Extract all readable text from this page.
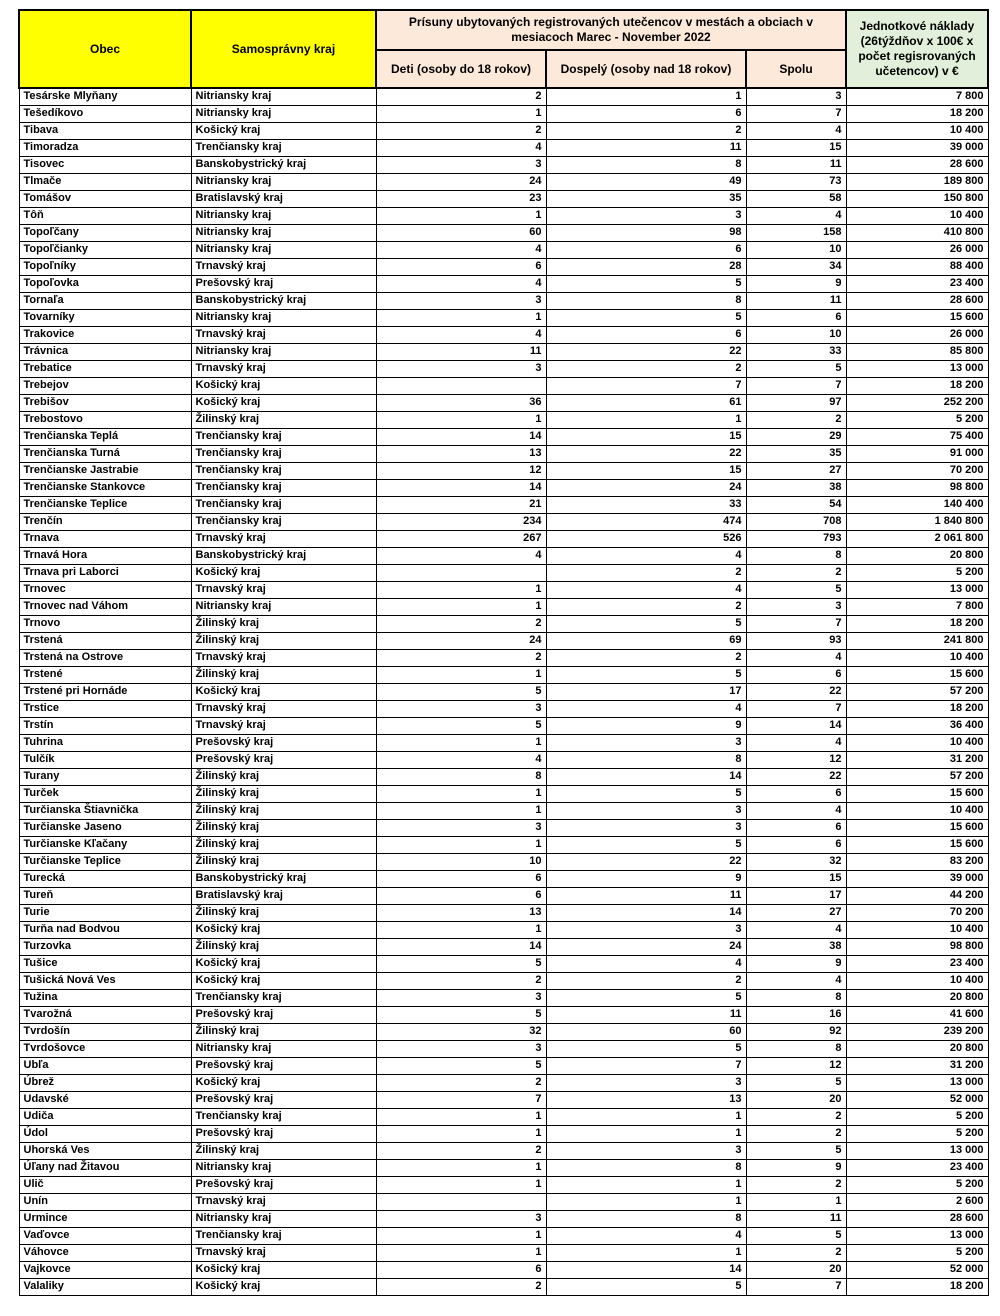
Obec	Samosprávny kraj	Prísuny ubytovaných registrovaných utečencov v mestách a obciach v mesiacoch Marec - November 2022			Jednotkové náklady (26týždňov x 100€ x počet regisrovaných učetencov) v €
		Deti (osoby do 18 rokov)	Dospelý (osoby nad 18 rokov)	Spolu	
Tesárske Mlyňany	Nitriansky kraj	2	1	3	7 800
Tešedíkovo	Nitriansky kraj	1	6	7	18 200
Tibava	Košický kraj	2	2	4	10 400
Timoradza	Trenčiansky kraj	4	11	15	39 000
Tisovec	Banskobystrický kraj	3	8	11	28 600
Tlmače	Nitriansky kraj	24	49	73	189 800
Tomášov	Bratislavský kraj	23	35	58	150 800
Tôň	Nitriansky kraj	1	3	4	10 400
Topoľčany	Nitriansky kraj	60	98	158	410 800
Topoľčianky	Nitriansky kraj	4	6	10	26 000
Topoľníky	Trnavský kraj	6	28	34	88 400
Topoľovka	Prešovský kraj	4	5	9	23 400
Tornaľa	Banskobystrický kraj	3	8	11	28 600
Tovarníky	Nitriansky kraj	1	5	6	15 600
Trakovice	Trnavský kraj	4	6	10	26 000
Trávnica	Nitriansky kraj	11	22	33	85 800
Trebatice	Trnavský kraj	3	2	5	13 000
Trebejov	Košický kraj		7	7	18 200
Trebišov	Košický kraj	36	61	97	252 200
Trebostovo	Žilinský kraj	1	1	2	5 200
Trenčianska Teplá	Trenčiansky kraj	14	15	29	75 400
Trenčianska Turná	Trenčiansky kraj	13	22	35	91 000
Trenčianske Jastrabie	Trenčiansky kraj	12	15	27	70 200
Trenčianske Stankovce	Trenčiansky kraj	14	24	38	98 800
Trenčianske Teplice	Trenčiansky kraj	21	33	54	140 400
Trenčín	Trenčiansky kraj	234	474	708	1 840 800
Trnava	Trnavský kraj	267	526	793	2 061 800
Trnavá Hora	Banskobystrický kraj	4	4	8	20 800
Trnava pri Laborci	Košický kraj		2	2	5 200
Trnovec	Trnavský kraj	1	4	5	13 000
Trnovec nad Váhom	Nitriansky kraj	1	2	3	7 800
Trnovo	Žilinský kraj	2	5	7	18 200
Trstená	Žilinský kraj	24	69	93	241 800
Trstená na Ostrove	Trnavský kraj	2	2	4	10 400
Trstené	Žilinský kraj	1	5	6	15 600
Trstené pri Hornáde	Košický kraj	5	17	22	57 200
Trstice	Trnavský kraj	3	4	7	18 200
Trstín	Trnavský kraj	5	9	14	36 400
Tuhrina	Prešovský kraj	1	3	4	10 400
Tulčík	Prešovský kraj	4	8	12	31 200
Turany	Žilinský kraj	8	14	22	57 200
Turček	Žilinský kraj	1	5	6	15 600
Turčianska Štiavnička	Žilinský kraj	1	3	4	10 400
Turčianske Jaseno	Žilinský kraj	3	3	6	15 600
Turčianske Kľačany	Žilinský kraj	1	5	6	15 600
Turčianske Teplice	Žilinský kraj	10	22	32	83 200
Turecká	Banskobystrický kraj	6	9	15	39 000
Tureň	Bratislavský kraj	6	11	17	44 200
Turie	Žilinský kraj	13	14	27	70 200
Turňa nad Bodvou	Košický kraj	1	3	4	10 400
Turzovka	Žilinský kraj	14	24	38	98 800
Tušice	Košický kraj	5	4	9	23 400
Tušická Nová Ves	Košický kraj	2	2	4	10 400
Tužina	Trenčiansky kraj	3	5	8	20 800
Tvarožná	Prešovský kraj	5	11	16	41 600
Tvrdošín	Žilinský kraj	32	60	92	239 200
Tvrdošovce	Nitriansky kraj	3	5	8	20 800
Ubľa	Prešovský kraj	5	7	12	31 200
Úbrež	Košický kraj	2	3	5	13 000
Udavské	Prešovský kraj	7	13	20	52 000
Udiča	Trenčiansky kraj	1	1	2	5 200
Údol	Prešovský kraj	1	1	2	5 200
Uhorská Ves	Žilinský kraj	2	3	5	13 000
Úľany nad Žitavou	Nitriansky kraj	1	8	9	23 400
Ulič	Prešovský kraj	1	1	2	5 200
Unín	Trnavský kraj		1	1	2 600
Urmince	Nitriansky kraj	3	8	11	28 600
Vaďovce	Trenčiansky kraj	1	4	5	13 000
Váhovce	Trnavský kraj	1	1	2	5 200
Vajkovce	Košický kraj	6	14	20	52 000
Valaliky	Košický kraj	2	5	7	18 200
